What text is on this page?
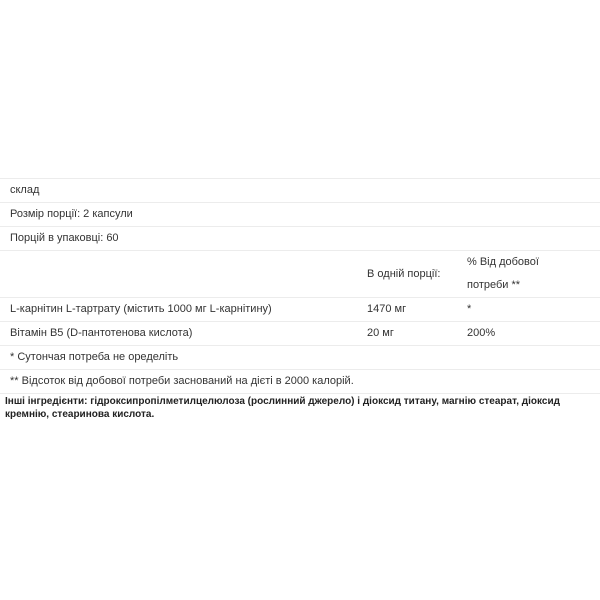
склад		
Розмір порції: 2 капсули		
Порцій в упаковці: 60		
	В одній порції:	% Від добової потреби **
L-карнітин L-тартрату (містить 1000 мг L-карнітину)	1470 мг	*
Вітамін B5 (D-пантотенова кислота)	20 мг	200%
* Сутончая потреба не оределіть		
** Відсоток від добової потреби заснований на дієті в 2000 калорій.		
Інші інгредієнти: гідроксипропілметилцелюлоза (рослинний джерело) і діоксид титану, магнію стеарат, діоксид кремнію, стеаринова кислота.
